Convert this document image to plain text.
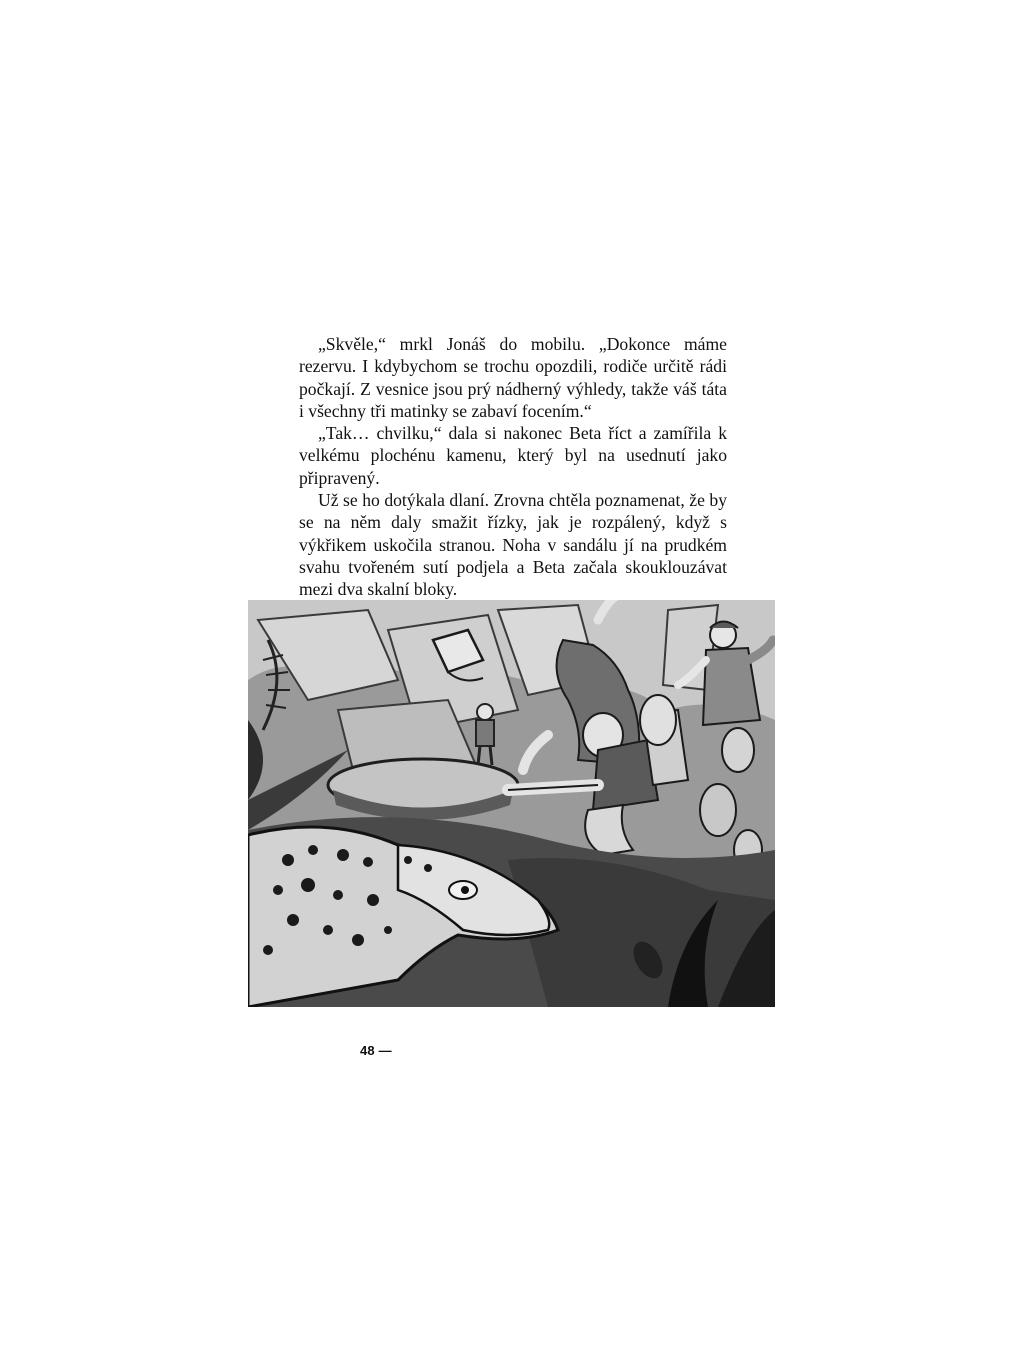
„Skvěle,“ mrkl Jonáš do mobilu. „Dokonce máme rezervu. I kdybychom se trochu opozdili, rodiče určitě rádi počkají. Z vesnice jsou prý nádherný výhledy, takže váš táta i všechny tři matinky se zabaví focením.“

„Tak… chvilku,“ dala si nakonec Beta říct a zamířila k velkému plochénu kamenu, který byl na usednutí jako připravený.

Už se ho dotýkala dlaní. Zrovna chtěla poznamenat, že by se na něm daly smažit řízky, jak je rozpálený, když s výkřikem uskočila stranou. Noha v sandálu jí na prudkém svahu tvořeném sutí podjela a Beta začala skouklouzávat mezi dva skalní bloky.

48 —
